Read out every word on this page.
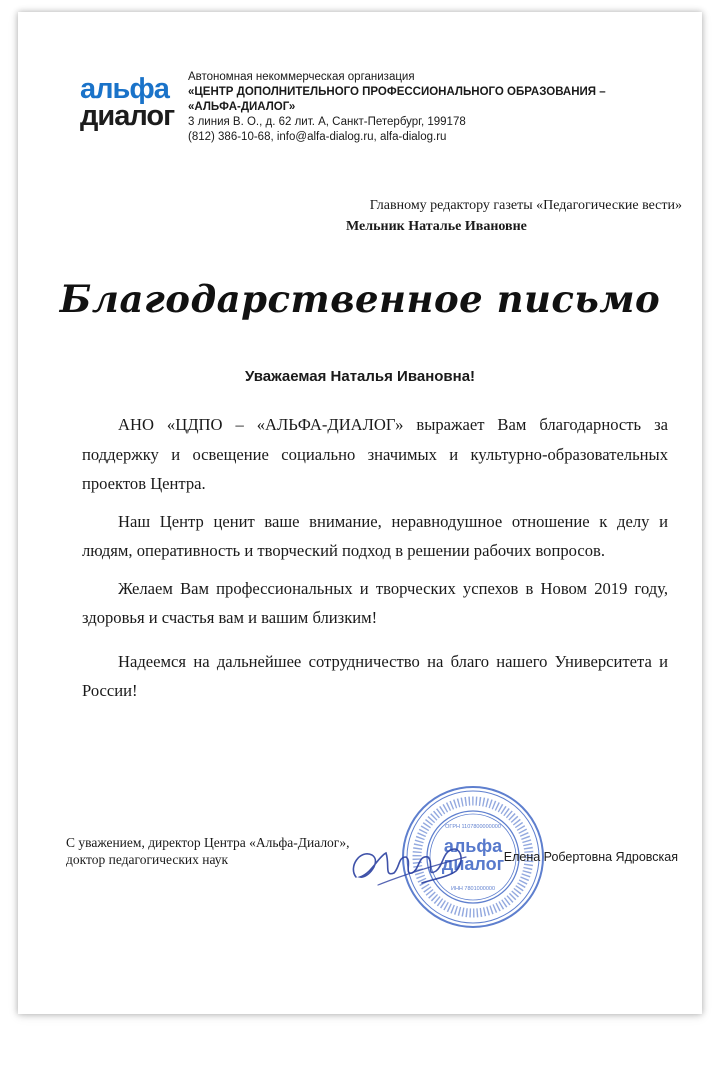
альфа
диалог
Автономная некоммерческая организация
«ЦЕНТР ДОПОЛНИТЕЛЬНОГО ПРОФЕССИОНАЛЬНОГО ОБРАЗОВАНИЯ –
«АЛЬФА-ДИАЛОГ»
3 линия В. О., д. 62 лит. А, Санкт-Петербург, 199178
(812) 386-10-68, info@alfa-dialog.ru, alfa-dialog.ru
Главному редактору газеты «Педагогические вести»
Мельник Наталье Ивановне
Благодарственное письмо
Уважаемая Наталья Ивановна!

АНО «ЦДПО – «АЛЬФА-ДИАЛОГ» выражает Вам благодарность за поддержку и освещение социально значимых и культурно-образовательных проектов Центра.

Наш Центр ценит ваше внимание, неравнодушное отношение к делу и людям, оперативность и творческий подход в решении рабочих вопросов.

Желаем Вам профессиональных и творческих успехов в Новом 2019 году, здоровья и счастья вам и вашим близким!

Надеемся на дальнейшее сотрудничество на благо нашего Университета и России!

альфа
диалог
ОГРН 1107800000000
ИНН 7801000000
С уважением, директор Центра «Альфа-Диалог»,
доктор педагогических наук	Елена Робертовна Ядровская
